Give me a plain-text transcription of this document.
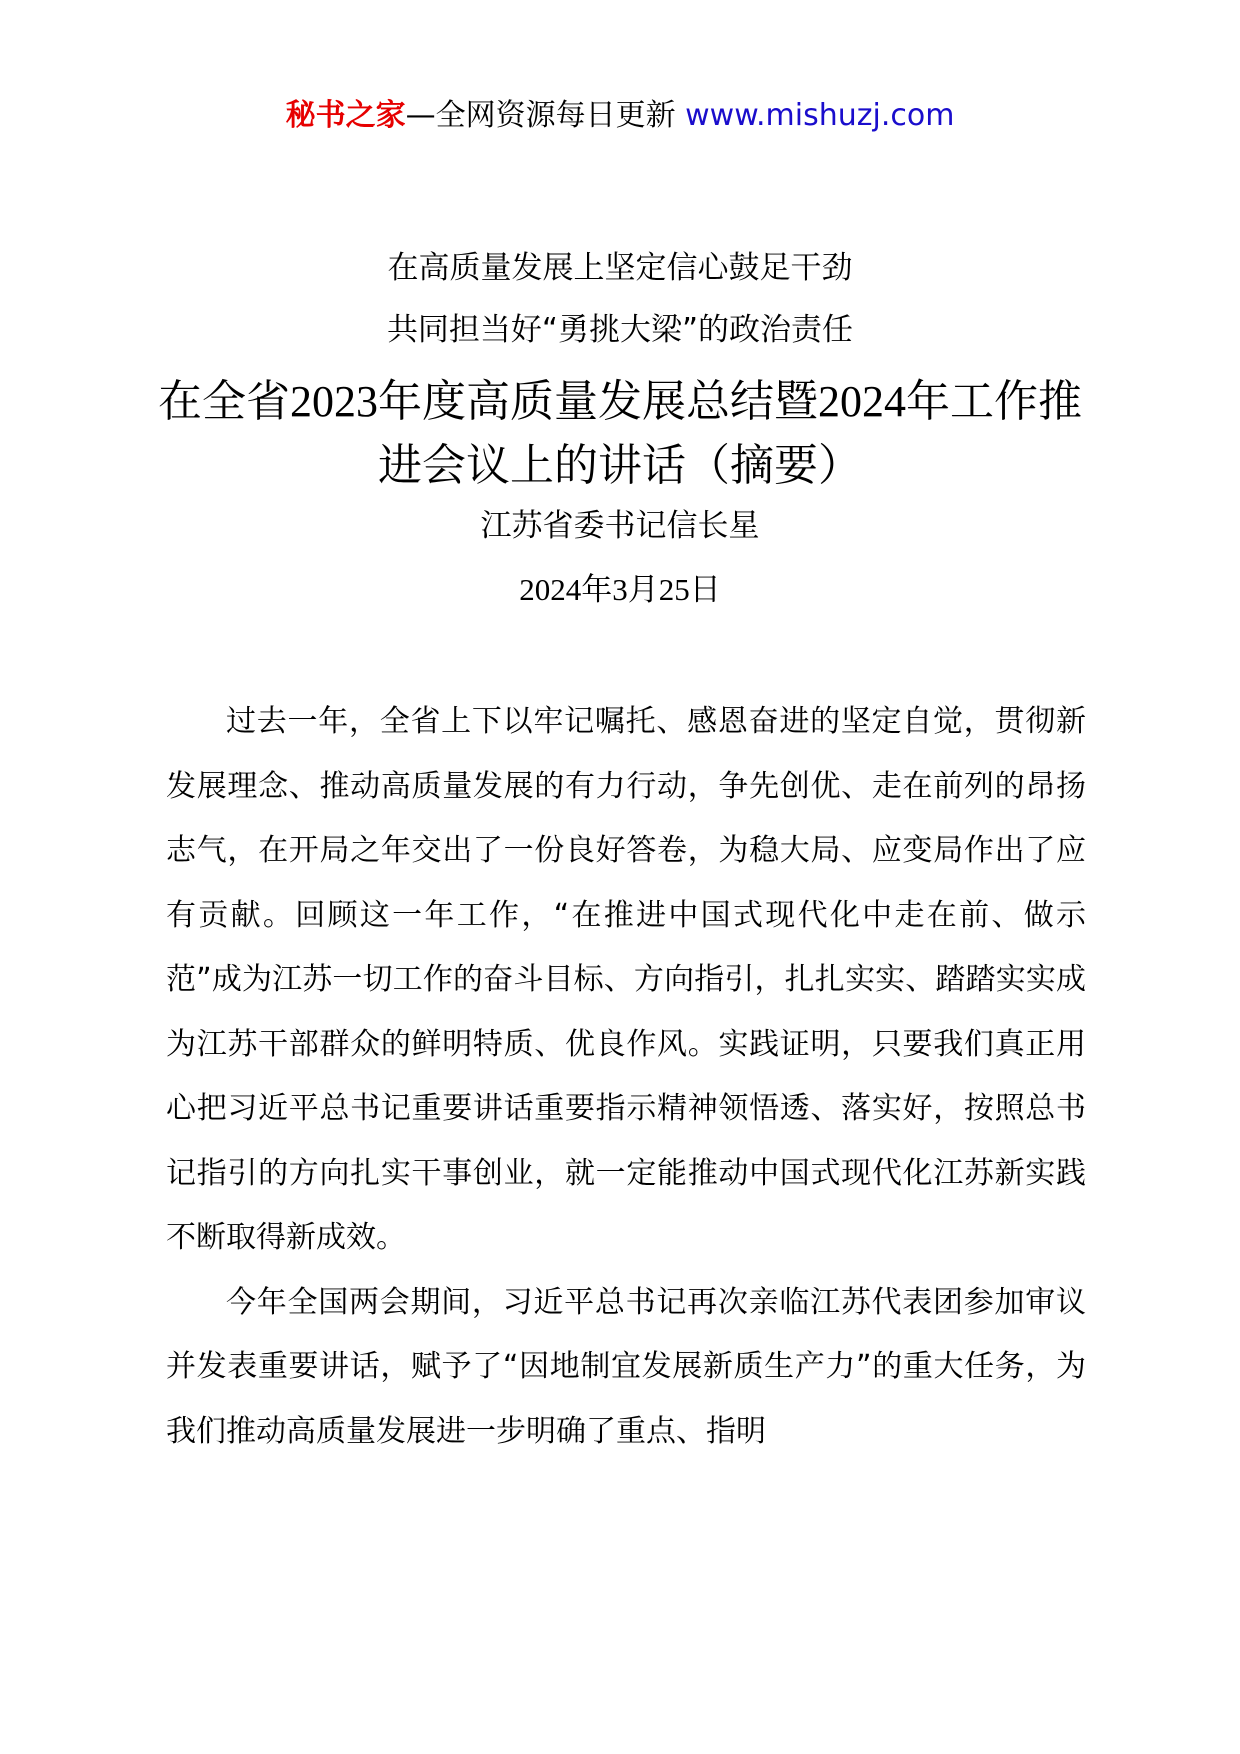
秘书之家—全网资源每日更新 www.mishuzj.com
在高质量发展上坚定信心鼓足干劲
共同担当好“勇挑大梁”的政治责任
在全省2023年度高质量发展总结暨2024年工作推进会议上的讲话（摘要）
江苏省委书记信长星
2024年3月25日

过去一年，全省上下以牢记嘱托、感恩奋进的坚定自觉，贯彻新发展理念、推动高质量发展的有力行动，争先创优、走在前列的昂扬志气，在开局之年交出了一份良好答卷，为稳大局、应变局作出了应有贡献。回顾这一年工作，“在推进中国式现代化中走在前、做示范”成为江苏一切工作的奋斗目标、方向指引，扎扎实实、踏踏实实成为江苏干部群众的鲜明特质、优良作风。实践证明，只要我们真正用心把习近平总书记重要讲话重要指示精神领悟透、落实好，按照总书记指引的方向扎实干事创业，就一定能推动中国式现代化江苏新实践不断取得新成效。

今年全国两会期间，习近平总书记再次亲临江苏代表团参加审议并发表重要讲话，赋予了“因地制宜发展新质生产力”的重大任务，为我们推动高质量发展进一步明确了重点、指明
